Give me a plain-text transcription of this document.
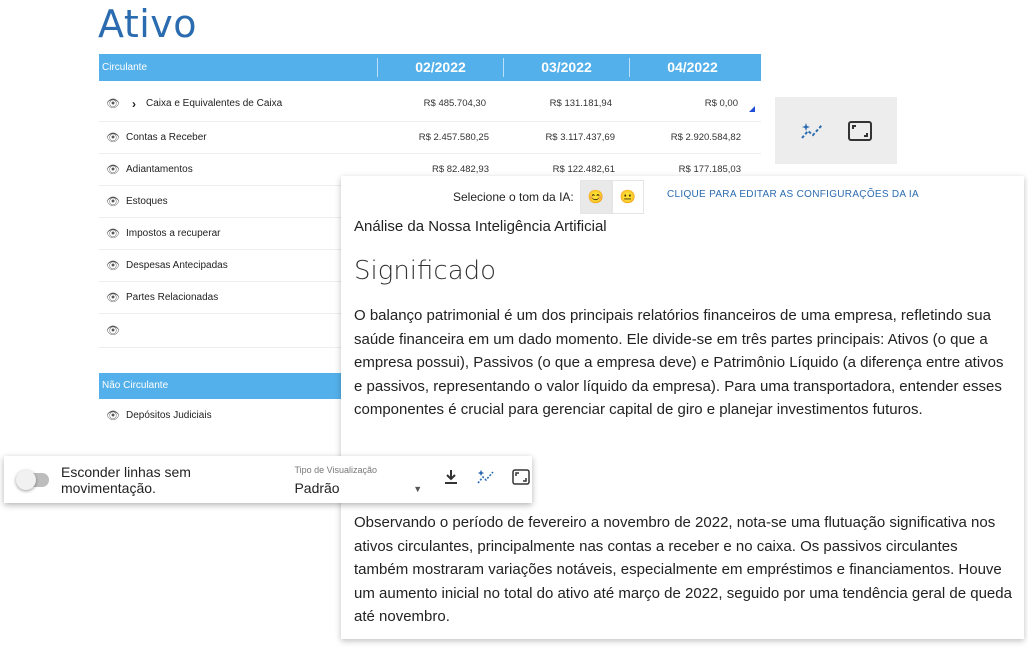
Ativo
Circulante	02/2022	03/2022	04/2022
👁 › Caixa e Equivalentes de Caixa	R$ 485.704,30	R$ 131.181,94	R$ 0,00
👁 Contas a Receber	R$ 2.457.580,25	R$ 3.117.437,69	R$ 2.920.584,82
👁 Adiantamentos	R$ 82.482,93	R$ 122.482,61	R$ 177.185,03
👁 Estoques
👁 Impostos a recuperar
👁 Despesas Antecipadas
👁 Partes Relacionadas
👁
Não Circulante
👁 Depósitos Judiciais
Selecione o tom da IA:	😊	😐	CLIQUE PARA EDITAR AS CONFIGURAÇÕES DA IA
Análise da Nossa Inteligência Artificial
Significado

O balanço patrimonial é um dos principais relatórios financeiros de uma empresa, refletindo sua saúde financeira em um dado momento. Ele divide-se em três partes principais: Ativos (o que a empresa possui), Passivos (o que a empresa deve) e Patrimônio Líquido (a diferença entre ativos e passivos, representando o valor líquido da empresa). Para uma transportadora, entender esses componentes é crucial para gerenciar capital de giro e planejar investimentos futuros.

Observando o período de fevereiro a novembro de 2022, nota-se uma flutuação significativa nos ativos circulantes, principalmente nas contas a receber e no caixa. Os passivos circulantes também mostraram variações notáveis, especialmente em empréstimos e financiamentos. Houve um aumento inicial no total do ativo até março de 2022, seguido por uma tendência geral de queda até novembro.

Esconder linhas sem movimentação.
Tipo de Visualização
Padrão	▼
